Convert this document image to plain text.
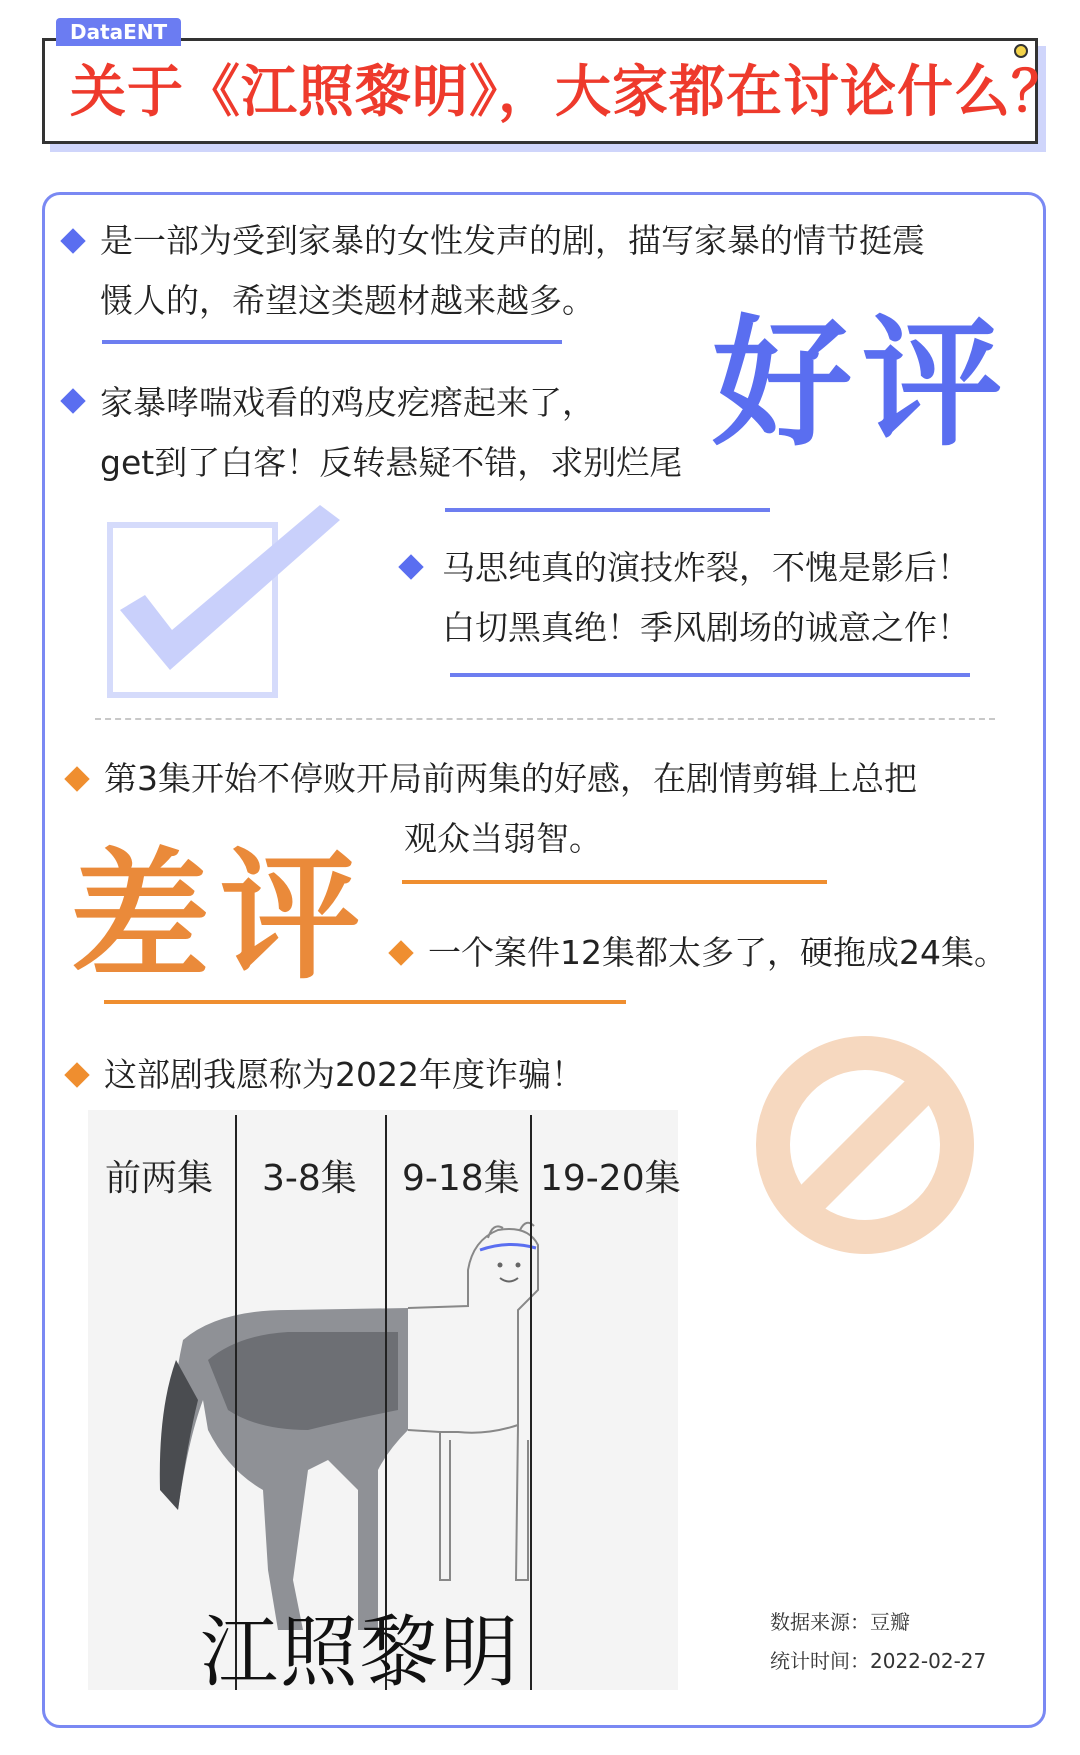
DataENT
关于《江照黎明》，大家都在讨论什么？
是一部为受到家暴的女性发声的剧，描写家暴的情节挺震
慑人的，希望这类题材越来越多。
好评
家暴哮喘戏看的鸡皮疙瘩起来了，
get到了白客！反转悬疑不错，求别烂尾
马思纯真的演技炸裂，不愧是影后！
白切黑真绝！季风剧场的诚意之作！
第3集开始不停败开局前两集的好感，在剧情剪辑上总把
观众当弱智。
差评 一个案件12集都太多了，硬拖成24集。
这部剧我愿称为2022年度诈骗！
前两集 3-8集 9-18集 19-20集
江照黎明	数据来源：豆瓣
统计时间：2022-02-27
